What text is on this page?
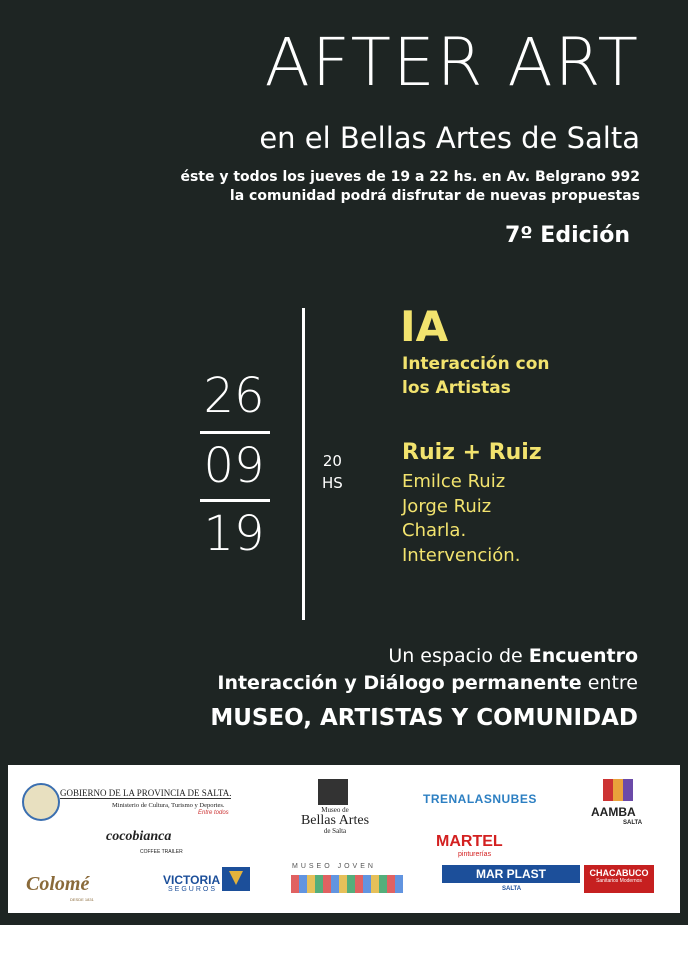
AFTER ART
en el Bellas Artes de Salta
éste y todos los jueves de 19 a 22 hs. en Av. Belgrano 992
la comunidad podrá disfrutar de nuevas propuestas
7º Edición
26
09
19
20
HS
IA
Interacción con
los Artistas
Ruiz + Ruiz
Emilce Ruiz
Jorge Ruiz
Charla.
Intervención.
Un espacio de Encuentro
Interacción y Diálogo permanente entre
MUSEO, ARTISTAS Y COMUNIDAD
GOBIERNO DE LA PROVINCIA DE SALTA.
Ministerio de Cultura, Turismo y Deportes.
Entre todos	Museo de
Bellas Artes
de Salta
TRENALASNUBES
AAMBA
SALTA
cocobianca
COFFEE TRAILER
MARTEL
pinturerías
Colomé
DESDE 1831
VICTORIA
SEGUROS
MUSEO JOVEN
MAR PLAST
SALTA
CHACABUCO
Sanitarios Modernos
